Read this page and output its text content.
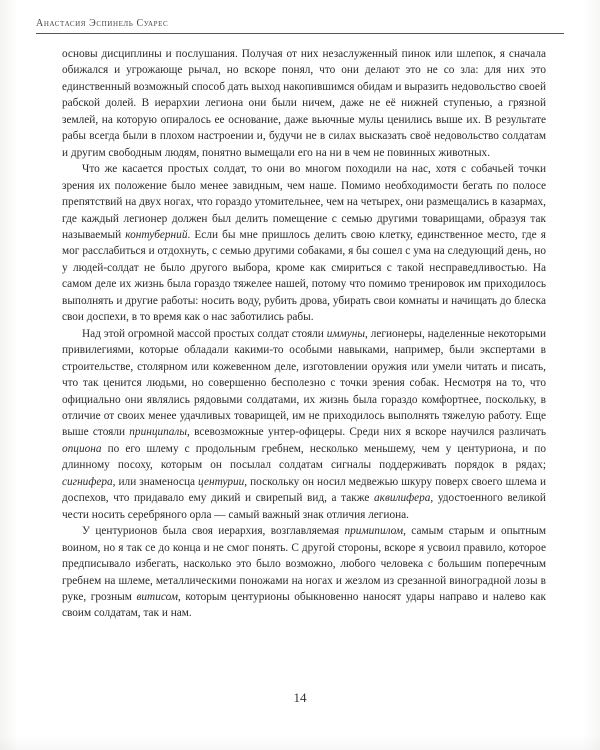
Анастасия Эспинель Суарес

основы дисциплины и послушания. Получая от них незаслуженный пинок или шлепок, я сначала обижался и угрожающе рычал, но вскоре понял, что они делают это не со зла: для них это единственный возможный способ дать выход накопившимся обидам и выразить недовольство своей рабской долей. В иерархии легиона они были ничем, даже не её нижней ступенью, а грязной землей, на которую опиралось ее основание, даже вьючные мулы ценились выше их. В результате рабы всегда были в плохом настроении и, будучи не в силах высказать своё недовольство солдатам и другим свободным людям, понятно вымещали его на ни в чем не повинных животных.

Что же касается простых солдат, то они во многом походили на нас, хотя с собачьей точки зрения их положение было менее завидным, чем наше. Помимо необходимости бегать по полосе препятствий на двух ногах, что гораздо утомительнее, чем на четырех, они размещались в казармах, где каждый легионер должен был делить помещение с семью другими товарищами, образуя так называемый контуберний. Если бы мне пришлось делить свою клетку, единственное место, где я мог расслабиться и отдохнуть, с семью другими собаками, я бы сошел с ума на следующий день, но у людей-солдат не было другого выбора, кроме как смириться с такой несправедливостью. На самом деле их жизнь была гораздо тяжелее нашей, потому что помимо тренировок им приходилось выполнять и другие работы: носить воду, рубить дрова, убирать свои комнаты и начищать до блеска свои доспехи, в то время как о нас заботились рабы.

Над этой огромной массой простых солдат стояли иммуны, легионеры, наделенные некоторыми привилегиями, которые обладали какими-то особыми навыками, например, были экспертами в строительстве, столярном или кожевенном деле, изготовлении оружия или умели читать и писать, что так ценится людьми, но совершенно бесполезно с точки зрения собак. Несмотря на то, что официально они являлись рядовыми солдатами, их жизнь была гораздо комфортнее, поскольку, в отличие от своих менее удачливых товарищей, им не приходилось выполнять тяжелую работу. Еще выше стояли принципалы, всевозможные унтер-офицеры. Среди них я вскоре научился различать опциона по его шлему с продольным гребнем, несколько меньшему, чем у центуриона, и по длинному посоху, которым он посылал солдатам сигналы поддерживать порядок в рядах; сигнифера, или знаменосца центурии, поскольку он носил медвежью шкуру поверх своего шлема и доспехов, что придавало ему дикий и свирепый вид, а также аквилифера, удостоенного великой чести носить серебряного орла — самый важный знак отличия легиона.

У центурионов была своя иерархия, возглавляемая примипилом, самым старым и опытным воином, но я так се до конца и не смог понять. С другой стороны, вскоре я усвоил правило, которое предписывало избегать, насколько это было возможно, любого человека с большим поперечным гребнем на шлеме, металлическими поножами на ногах и жезлом из срезанной виноградной лозы в руке, грозным витисом, которым центурионы обыкновенно наносят удары направо и налево как своим солдатам, так и нам.

14
